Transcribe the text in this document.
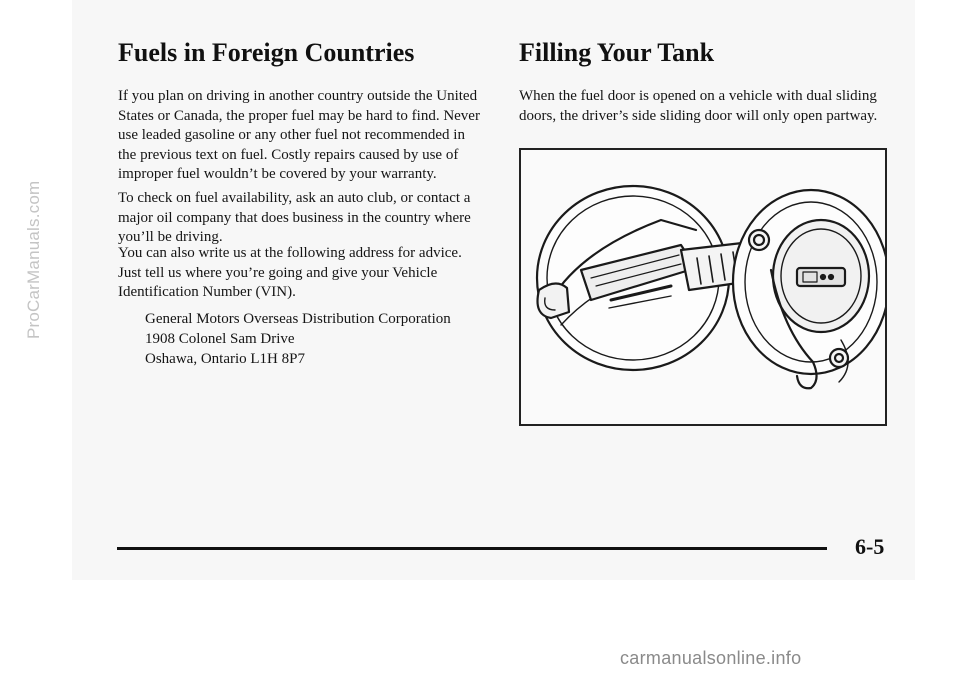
ProCarManuals.com
Fuels in Foreign Countries

If you plan on driving in another country outside the United States or Canada, the proper fuel may be hard to find. Never use leaded gasoline or any other fuel not recommended in the previous text on fuel. Costly repairs caused by use of improper fuel wouldn’t be covered by your warranty.

To check on fuel availability, ask an auto club, or contact a major oil company that does business in the country where you’ll be driving.

You can also write us at the following address for advice. Just tell us where you’re going and give your Vehicle Identification Number (VIN).

General Motors Overseas Distribution Corporation
1908 Colonel Sam Drive
Oshawa, Ontario L1H 8P7
Filling Your Tank

When the fuel door is opened on a vehicle with dual sliding doors, the driver’s side sliding door will only open partway.

6-5
carmanualsonline.info
